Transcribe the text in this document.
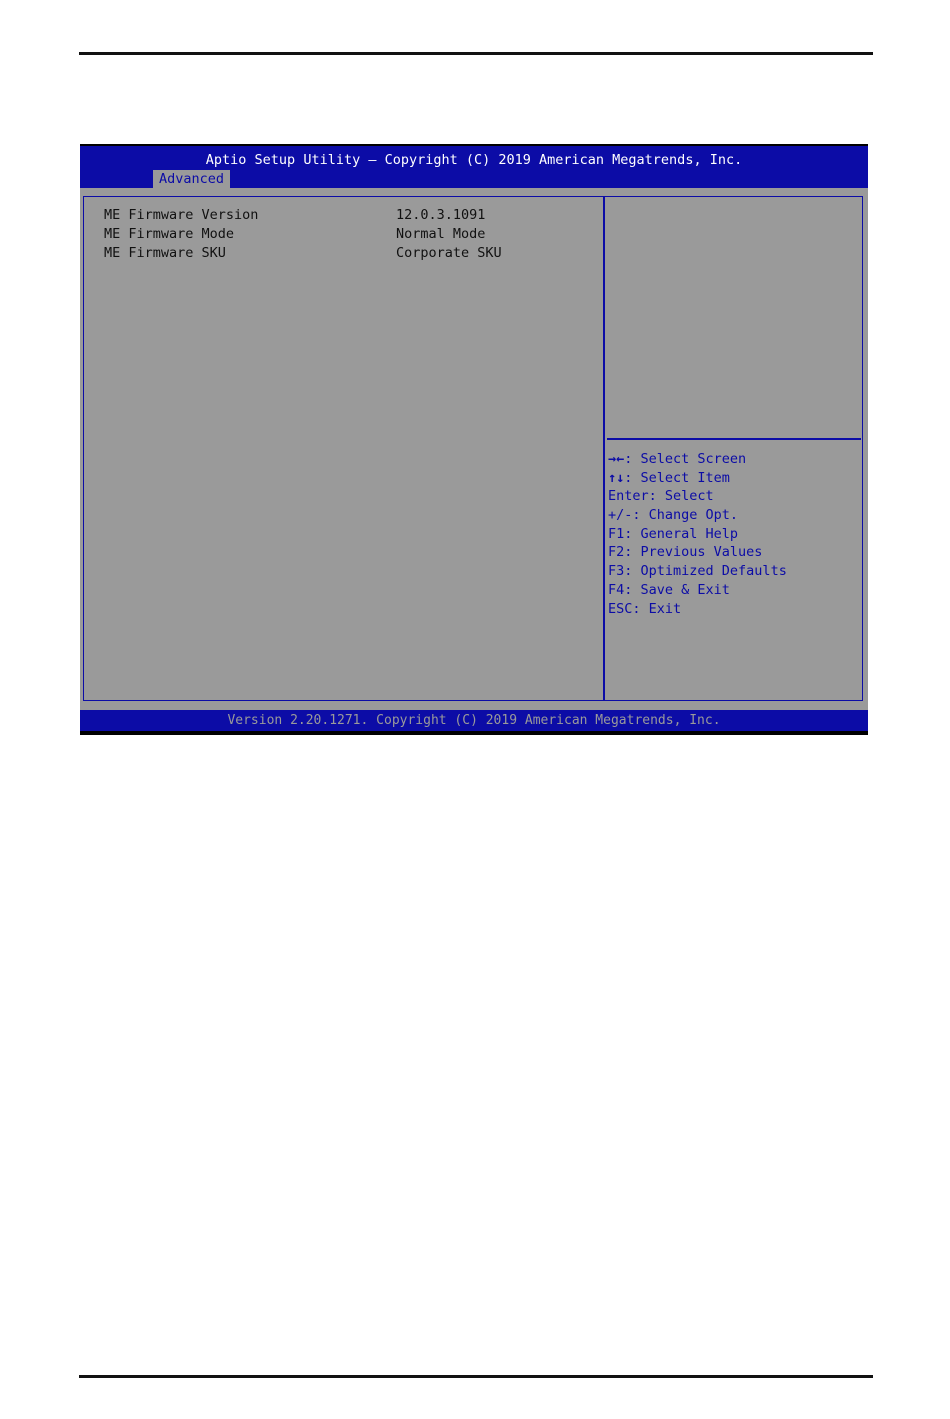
Aptio Setup Utility – Copyright (C) 2019 American Megatrends, Inc.
Advanced

ME Firmware Version

	12.0.3.1091

ME Firmware Mode

	Normal Mode

ME Firmware SKU

	Corporate SKU

→←: Select Screen
↑↓: Select Item
Enter: Select
+/-: Change Opt.
F1: General Help
F2: Previous Values
F3: Optimized Defaults
F4: Save & Exit
ESC: Exit
Version 2.20.1271. Copyright (C) 2019 American Megatrends, Inc.
